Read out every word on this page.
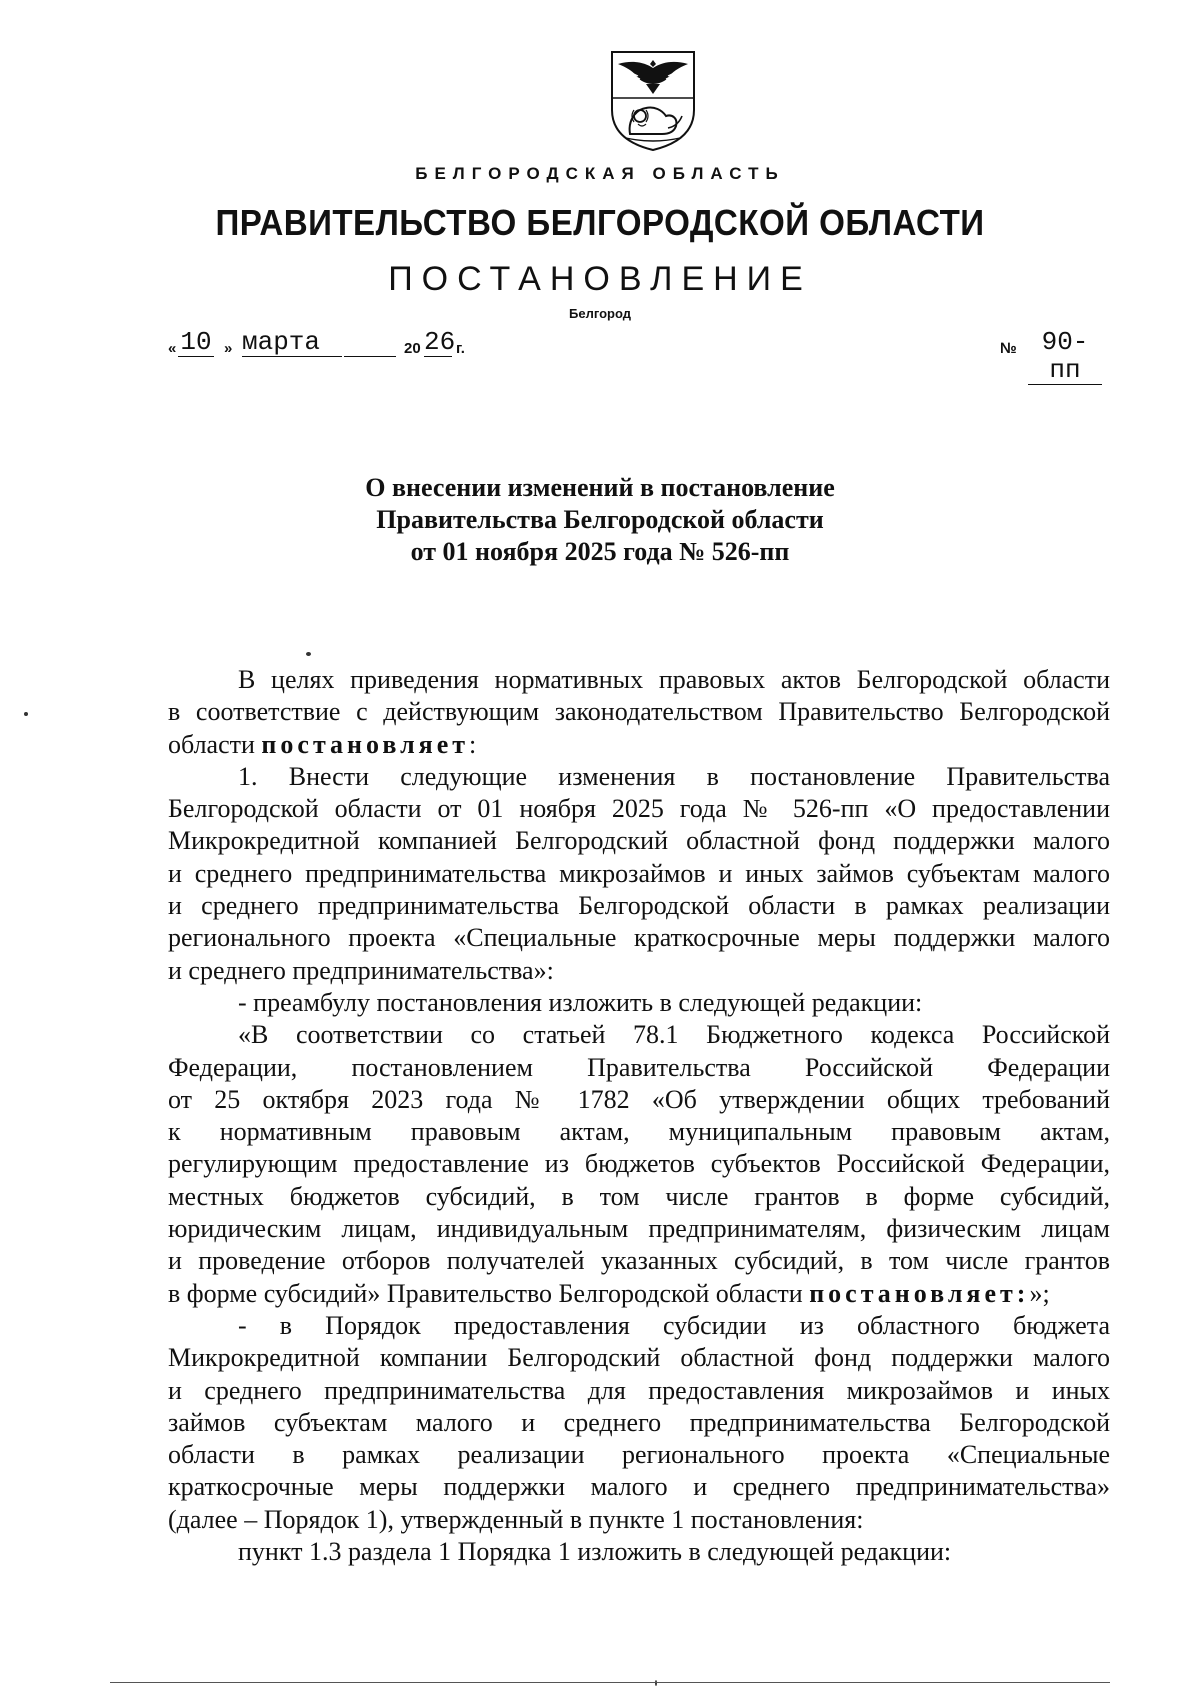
БЕЛГОРОДСКАЯ ОБЛАСТЬ
ПРАВИТЕЛЬСТВО БЕЛГОРОДСКОЙ ОБЛАСТИ
ПОСТАНОВЛЕНИЕ
Белгород
« 10 » марта	20 26 г.	№ 90-пп
О внесении изменений в постановление
Правительства Белгородской области
от 01 ноября 2025 года № 526-пп

В целях приведения нормативных правовых актов Белгородской области

в соответствие с действующим законодательством Правительство Белгородской

области постановляет:

1. Внести следующие изменения в постановление Правительства

Белгородской области от 01 ноября 2025 года № 526-пп «О предоставлении

Микрокредитной компанией Белгородский областной фонд поддержки малого

и среднего предпринимательства микрозаймов и иных займов субъектам малого

и среднего предпринимательства Белгородской области в рамках реализации

регионального проекта «Специальные краткосрочные меры поддержки малого

и среднего предпринимательства»:

- преамбулу постановления изложить в следующей редакции:

«В соответствии со статьей 78.1 Бюджетного кодекса Российской

Федерации, постановлением Правительства Российской Федерации

от 25 октября 2023 года № 1782 «Об утверждении общих требований

к нормативным правовым актам, муниципальным правовым актам,

регулирующим предоставление из бюджетов субъектов Российской Федерации,

местных бюджетов субсидий, в том числе грантов в форме субсидий,

юридическим лицам, индивидуальным предпринимателям, физическим лицам

и проведение отборов получателей указанных субсидий, в том числе грантов

в форме субсидий» Правительство Белгородской области постановляет:»;

- в Порядок предоставления субсидии из областного бюджета

Микрокредитной компании Белгородский областной фонд поддержки малого

и среднего предпринимательства для предоставления микрозаймов и иных

займов субъектам малого и среднего предпринимательства Белгородской

области в рамках реализации регионального проекта «Специальные

краткосрочные меры поддержки малого и среднего предпринимательства»

(далее – Порядок 1), утвержденный в пункте 1 постановления:

пункт 1.3 раздела 1 Порядка 1 изложить в следующей редакции:
